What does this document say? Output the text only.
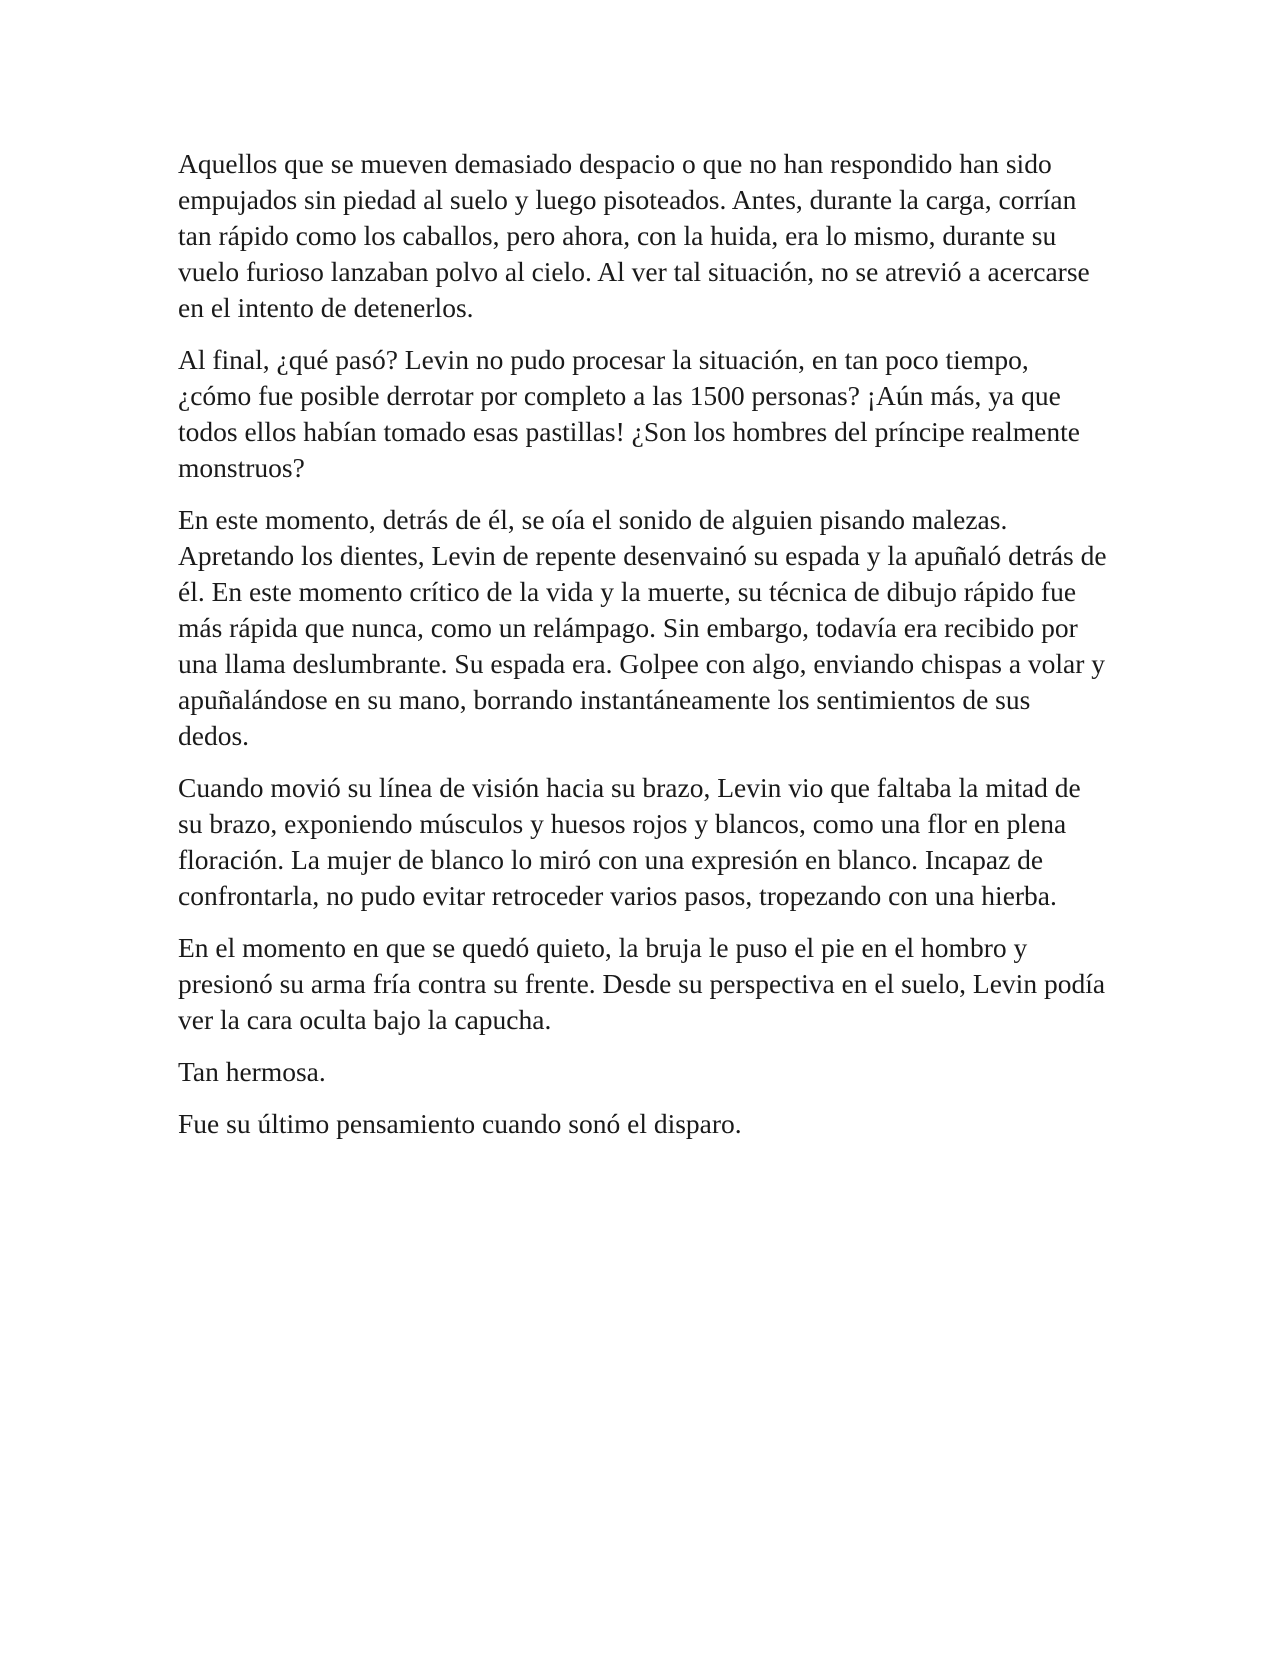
Aquellos que se mueven demasiado despacio o que no han respondido han sido empujados sin piedad al suelo y luego pisoteados. Antes, durante la carga, corrían tan rápido como los caballos, pero ahora, con la huida, era lo mismo, durante su vuelo furioso lanzaban polvo al cielo. Al ver tal situación, no se atrevió a acercarse en el intento de detenerlos.

Al final, ¿qué pasó? Levin no pudo procesar la situación, en tan poco tiempo, ¿cómo fue posible derrotar por completo a las 1500 personas? ¡Aún más, ya que todos ellos habían tomado esas pastillas! ¿Son los hombres del príncipe realmente monstruos?

En este momento, detrás de él, se oía el sonido de alguien pisando malezas. Apretando los dientes, Levin de repente desenvainó su espada y la apuñaló detrás de él. En este momento crítico de la vida y la muerte, su técnica de dibujo rápido fue más rápida que nunca, como un relámpago. Sin embargo, todavía era recibido por una llama deslumbrante. Su espada era. Golpee con algo, enviando chispas a volar y apuñalándose en su mano, borrando instantáneamente los sentimientos de sus dedos.

Cuando movió su línea de visión hacia su brazo, Levin vio que faltaba la mitad de su brazo, exponiendo músculos y huesos rojos y blancos, como una flor en plena floración. La mujer de blanco lo miró con una expresión en blanco. Incapaz de confrontarla, no pudo evitar retroceder varios pasos, tropezando con una hierba.

En el momento en que se quedó quieto, la bruja le puso el pie en el hombro y presionó su arma fría contra su frente. Desde su perspectiva en el suelo, Levin podía ver la cara oculta bajo la capucha.

Tan hermosa.

Fue su último pensamiento cuando sonó el disparo.
